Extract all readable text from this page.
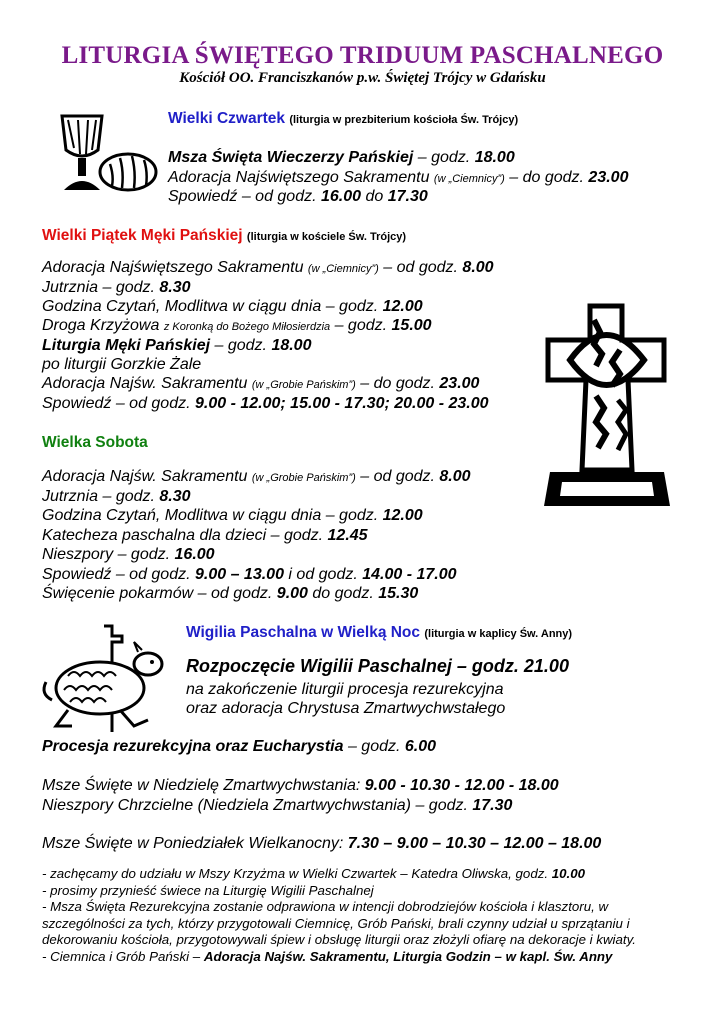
LITURGIA ŚWIĘTEGO TRIDUUM PASCHALNEGO
Kościół OO. Franciszkanów p.w. Świętej Trójcy w Gdańsku
Wielki Czwartek (liturgia w prezbiterium kościoła Św. Trójcy)
Msza Święta Wieczerzy Pańskiej – godz. 18.00
Adoracja Najświętszego Sakramentu (w „Ciemnicy”) – do godz. 23.00
Spowiedź – od godz. 16.00 do 17.30
Wielki Piątek Męki Pańskiej (liturgia w kościele Św. Trójcy)
Adoracja Najświętszego Sakramentu (w „Ciemnicy”) – od godz. 8.00
Jutrznia – godz. 8.30
Godzina Czytań, Modlitwa w ciągu dnia – godz. 12.00
Droga Krzyżowa z Koronką do Bożego Miłosierdzia – godz. 15.00
Liturgia Męki Pańskiej – godz. 18.00
po liturgii Gorzkie Żale
Adoracja Najśw. Sakramentu (w „Grobie Pańskim”) – do godz. 23.00
Spowiedź – od godz. 9.00 - 12.00; 15.00 - 17.30; 20.00 - 23.00
Wielka Sobota
Adoracja Najśw. Sakramentu (w „Grobie Pańskim”) – od godz. 8.00
Jutrznia – godz. 8.30
Godzina Czytań, Modlitwa w ciągu dnia – godz. 12.00
Katecheza paschalna dla dzieci – godz. 12.45
Nieszpory – godz. 16.00
Spowiedź – od godz. 9.00 – 13.00 i od godz. 14.00 - 17.00
Święcenie pokarmów – od godz. 9.00 do godz. 15.30
Wigilia Paschalna w Wielką Noc (liturgia w kaplicy Św. Anny)
Rozpoczęcie Wigilii Paschalnej – godz. 21.00
na zakończenie liturgii procesja rezurekcyjna
oraz adoracja Chrystusa Zmartwychwstałego
Procesja rezurekcyjna oraz Eucharystia – godz. 6.00
Msze Święte w Niedzielę Zmartwychwstania: 9.00 - 10.30 - 12.00 - 18.00
Nieszpory Chrzcielne (Niedziela Zmartwychwstania) – godz. 17.30
Msze Święte w Poniedziałek Wielkanocny: 7.30 – 9.00 – 10.30 – 12.00 – 18.00
- zachęcamy do udziału w Mszy Krzyżma w Wielki Czwartek – Katedra Oliwska, godz. 10.00
- prosimy przynieść świece na Liturgię Wigilii Paschalnej
- Msza Święta Rezurekcyjna zostanie odprawiona w intencji dobrodziejów kościoła i klasztoru, w szczególności za tych, którzy przygotowali Ciemnicę, Grób Pański, brali czynny udział u sprzątaniu i dekorowaniu kościoła, przygotowywali śpiew i obsługę liturgii oraz złożyli ofiarę na dekoracje i kwiaty.
- Ciemnica i Grób Pański – Adoracja Najśw. Sakramentu, Liturgia Godzin – w kapl. Św. Anny
